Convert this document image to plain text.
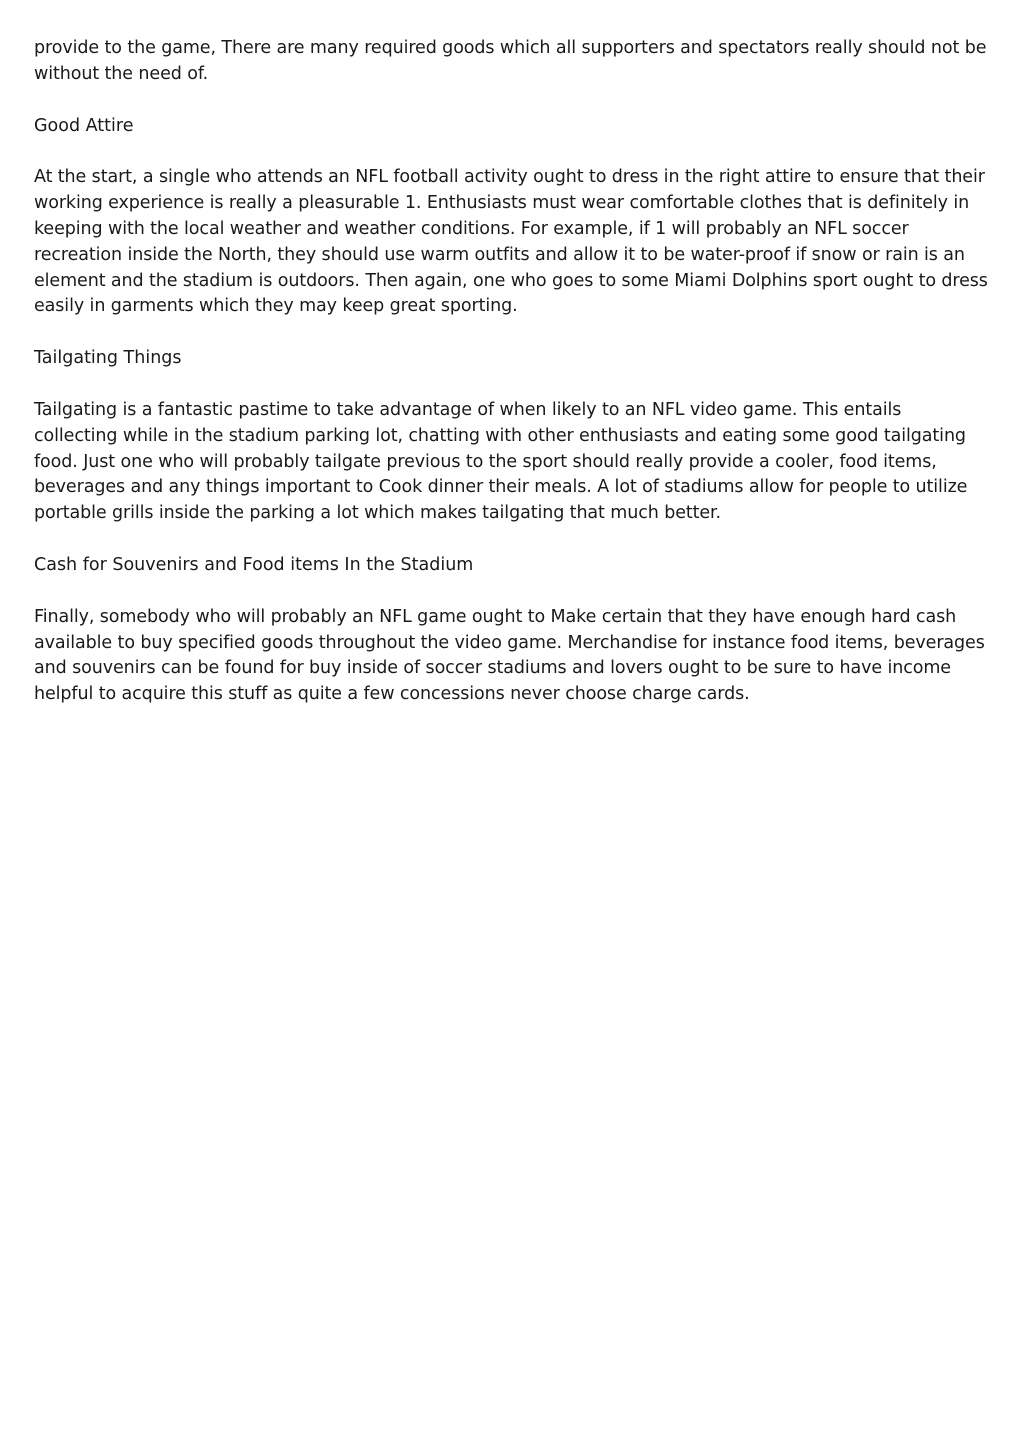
provide to the game, There are many required goods which all supporters and spectators really should not be without the need of.

Good Attire

At the start, a single who attends an NFL football activity ought to dress in the right attire to ensure that their working experience is really a pleasurable 1. Enthusiasts must wear comfortable clothes that is definitely in keeping with the local weather and weather conditions. For example, if 1 will probably an NFL soccer recreation inside the North, they should use warm outfits and allow it to be water-proof if snow or rain is an element and the stadium is outdoors. Then again, one who goes to some Miami Dolphins sport ought to dress easily in garments which they may keep great sporting.

Tailgating Things

Tailgating is a fantastic pastime to take advantage of when likely to an NFL video game. This entails collecting while in the stadium parking lot, chatting with other enthusiasts and eating some good tailgating food. Just one who will probably tailgate previous to the sport should really provide a cooler, food items, beverages and any things important to Cook dinner their meals. A lot of stadiums allow for people to utilize portable grills inside the parking a lot which makes tailgating that much better.

Cash for Souvenirs and Food items In the Stadium

Finally, somebody who will probably an NFL game ought to Make certain that they have enough hard cash available to buy specified goods throughout the video game. Merchandise for instance food items, beverages and souvenirs can be found for buy inside of soccer stadiums and lovers ought to be sure to have income helpful to acquire this stuff as quite a few concessions never choose charge cards.
